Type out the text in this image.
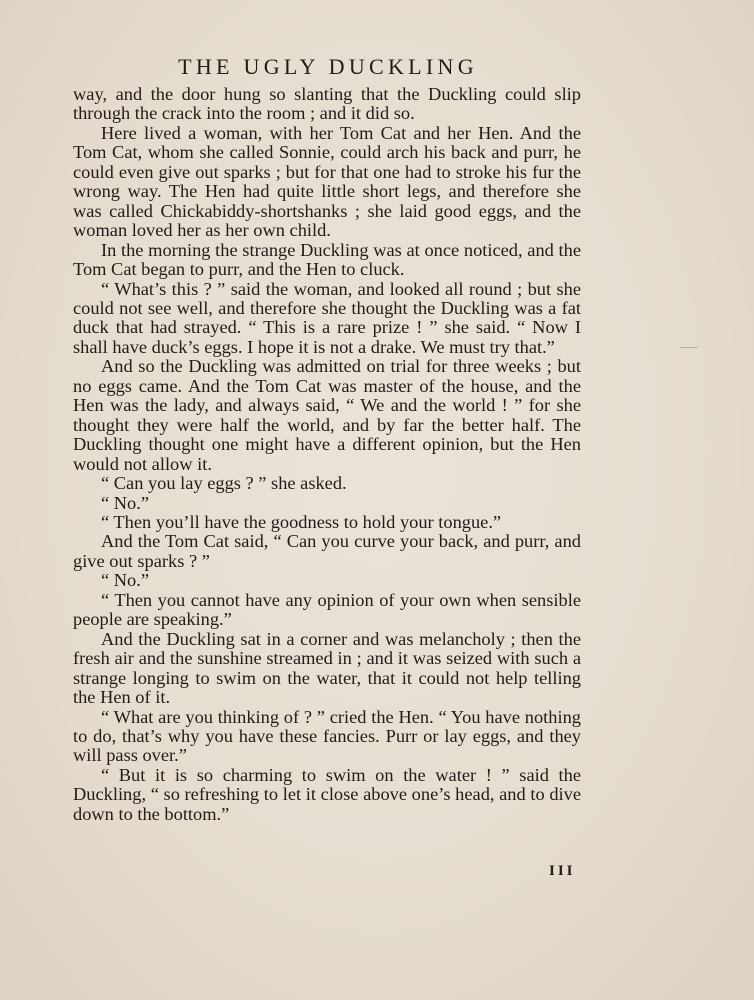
THE UGLY DUCKLING

way, and the door hung so slanting that the Duckling could slip through the crack into the room ; and it did so.

Here lived a woman, with her Tom Cat and her Hen. And the Tom Cat, whom she called Sonnie, could arch his back and purr, he could even give out sparks ; but for that one had to stroke his fur the wrong way. The Hen had quite little short legs, and therefore she was called Chickabiddy-shortshanks ; she laid good eggs, and the woman loved her as her own child.

In the morning the strange Duckling was at once noticed, and the Tom Cat began to purr, and the Hen to cluck.

“ What’s this ? ” said the woman, and looked all round ; but she could not see well, and therefore she thought the Duckling was a fat duck that had strayed. “ This is a rare prize ! ” she said. “ Now I shall have duck’s eggs. I hope it is not a drake. We must try that.”

And so the Duckling was admitted on trial for three weeks ; but no eggs came. And the Tom Cat was master of the house, and the Hen was the lady, and always said, “ We and the world ! ” for she thought they were half the world, and by far the better half. The Duckling thought one might have a different opinion, but the Hen would not allow it.

“ Can you lay eggs ? ” she asked.

“ No.”

“ Then you’ll have the goodness to hold your tongue.”

And the Tom Cat said, “ Can you curve your back, and purr, and give out sparks ? ”

“ No.”

“ Then you cannot have any opinion of your own when sensible people are speaking.”

And the Duckling sat in a corner and was melancholy ; then the fresh air and the sunshine streamed in ; and it was seized with such a strange longing to swim on the water, that it could not help telling the Hen of it.

“ What are you thinking of ? ” cried the Hen. “ You have nothing to do, that’s why you have these fancies. Purr or lay eggs, and they will pass over.”

“ But it is so charming to swim on the water ! ” said the Duckling, “ so refreshing to let it close above one’s head, and to dive down to the bottom.”

III
